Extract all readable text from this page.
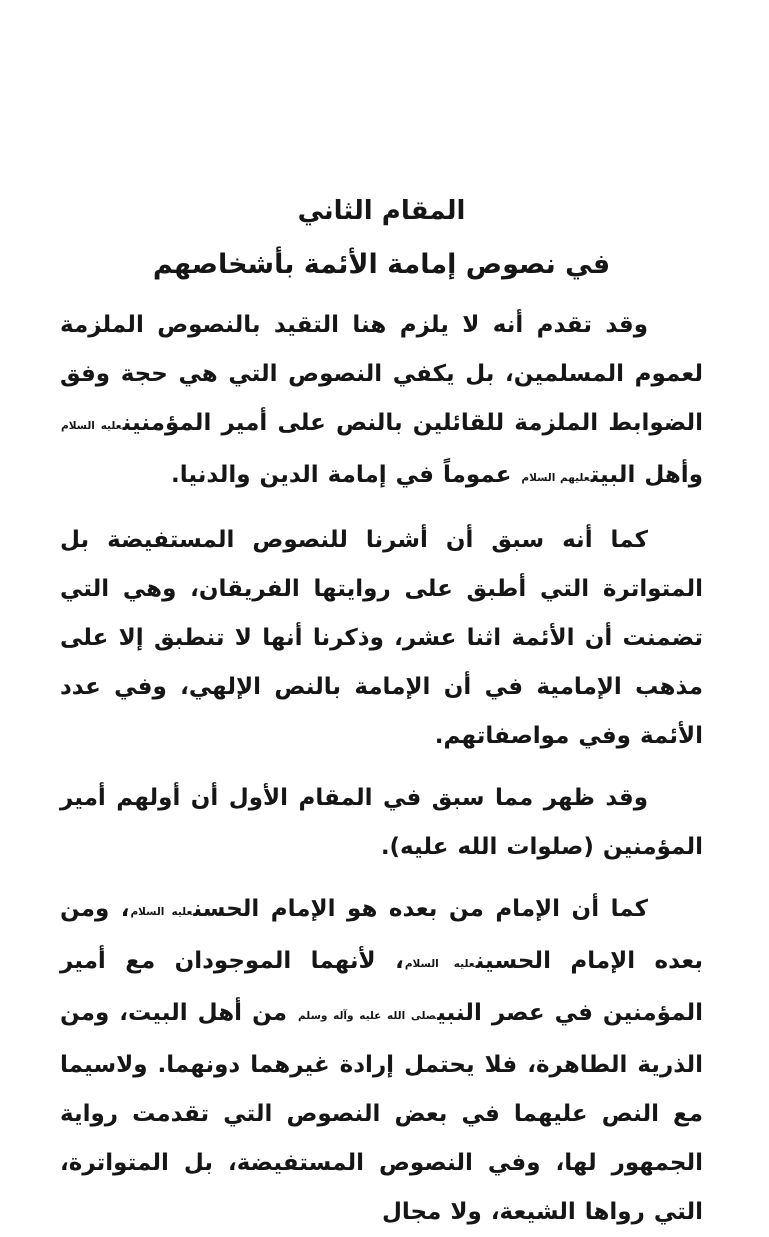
المقام الثاني
في نصوص إمامة الأئمة بأشخاصهم

وقد تقدم أنه لا يلزم هنا التقيد بالنصوص الملزمة لعموم المسلمين، بل يكفي النصوص التي هي حجة وفق الضوابط الملزمة للقائلين بالنص على أمير المؤمنينعليه السلام وأهل البيتعليهم السلام عموماً في إمامة الدين والدنيا.

كما أنه سبق أن أشرنا للنصوص المستفيضة بل المتواترة التي أطبق على روايتها الفريقان، وهي التي تضمنت أن الأئمة اثنا عشر، وذكرنا أنها لا تنطبق إلا على مذهب الإمامية في أن الإمامة بالنص الإلهي، وفي عدد الأئمة وفي مواصفاتهم.

وقد ظهر مما سبق في المقام الأول أن أولهم أمير المؤمنين (صلوات الله عليه).

كما أن الإمام من بعده هو الإمام الحسنعليه السلام، ومن بعده الإمام الحسينعليه السلام، لأنهما الموجودان مع أمير المؤمنين في عصر النبيصلى الله عليه وآله وسلم من أهل البيت، ومن الذرية الطاهرة، فلا يحتمل إرادة غيرهما دونهما. ولاسيما مع النص عليهما في بعض النصوص التي تقدمت رواية الجمهور لها، وفي النصوص المستفيضة، بل المتواترة، التي رواها الشيعة، ولا مجال
